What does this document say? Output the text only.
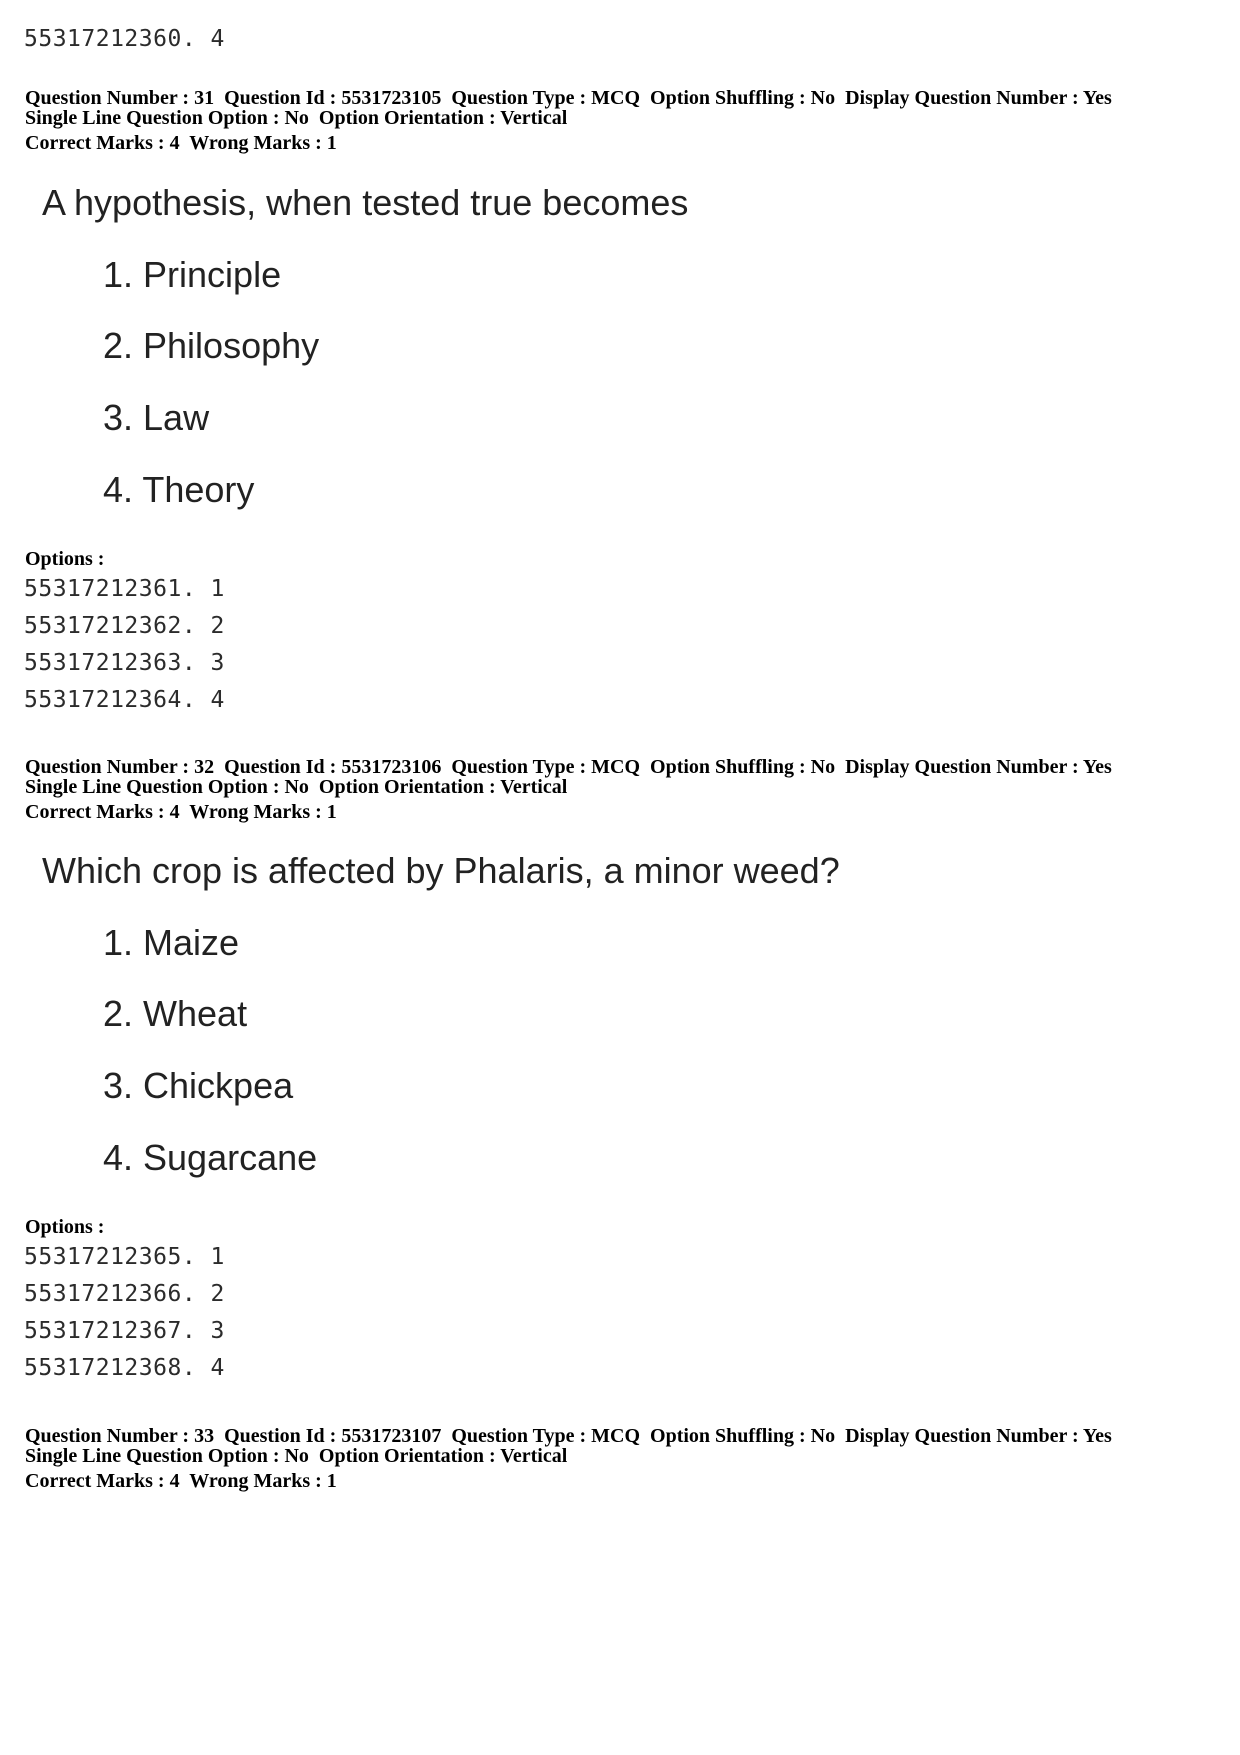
55317212360. 4
Question Number : 31  Question Id : 5531723105  Question Type : MCQ  Option Shuffling : No  Display Question Number : Yes
Single Line Question Option : No  Option Orientation : Vertical
Correct Marks : 4  Wrong Marks : 1
A hypothesis, when tested true becomes
1. Principle
2. Philosophy
3. Law
4. Theory
Options :
55317212361. 1
55317212362. 2
55317212363. 3
55317212364. 4
Question Number : 32  Question Id : 5531723106  Question Type : MCQ  Option Shuffling : No  Display Question Number : Yes
Single Line Question Option : No  Option Orientation : Vertical
Correct Marks : 4  Wrong Marks : 1
Which crop is affected by Phalaris, a minor weed?
1. Maize
2. Wheat
3. Chickpea
4. Sugarcane
Options :
55317212365. 1
55317212366. 2
55317212367. 3
55317212368. 4
Question Number : 33  Question Id : 5531723107  Question Type : MCQ  Option Shuffling : No  Display Question Number : Yes
Single Line Question Option : No  Option Orientation : Vertical
Correct Marks : 4  Wrong Marks : 1
